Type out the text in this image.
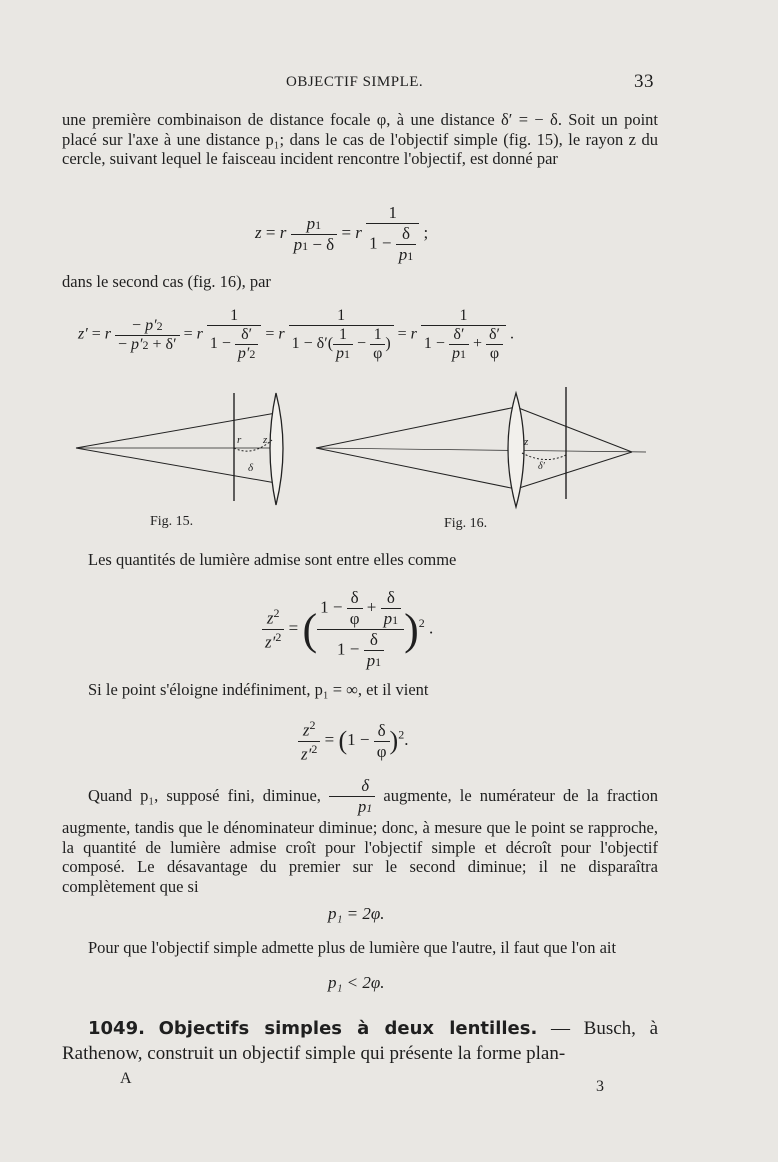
OBJECTIF SIMPLE.	33

une première combinaison de distance focale φ, à une distance δ′ = − δ. Soit un point placé sur l'axe à une distance p₁; dans le cas de l'objectif simple (fig. 15), le rayon z du cercle, suivant lequel le faisceau incident rencontre l'objectif, est donné par

z = r $\frac{p1}{p1 - \delta} = r \frac{1}{1 - \frac{\delta}{p1}}$ ;

dans le second cas (fig. 16), par

z′ = r $\frac{- p'2}{- p'2 + \delta'} = r \frac{1}{1 - \frac{\delta'}{p'2}} = r \frac{1}{1 - \delta'( \frac{1}{p1} - \frac{1}{\varphi} )} = r \frac{1}{1 - \frac{\delta'}{p1} + \frac{\delta'}{\varphi}}$ .
r z
δ
z
δ′
Fig. 15.	Fig. 16.

Les quantités de lumière admise sont entre elles comme

$\frac{z^2}{z'^2}$ = ( $\frac{1 - \frac{\delta}{\varphi} + \frac{\delta}{p1}}{1 - \frac{\delta}{p1}} )^2$ .

Si le point s'éloigne indéfiniment, p₁ = ∞, et il vient

$\frac{z^2}{z'^2} = (1 - \frac{\delta}{\varphi} )^2$.

Quand p₁, supposé fini, diminue, $\frac{\delta}{p1}$ augmente, le numérateur de la fraction augmente, tandis que le dénominateur diminue; donc, à mesure que le point se rapproche, la quantité de lumière admise croît pour l'objectif simple et décroît pour l'objectif composé. Le désavantage du premier sur le second diminue; il ne disparaîtra complètement que si

p₁ = 2φ.

Pour que l'objectif simple admette plus de lumière que l'autre, il faut que l'on ait

p₁ < 2φ.
1049. Objectifs simples à deux lentilles. — Busch, à Rathenow, construit un objectif simple qui présente la forme plan-
A	3
